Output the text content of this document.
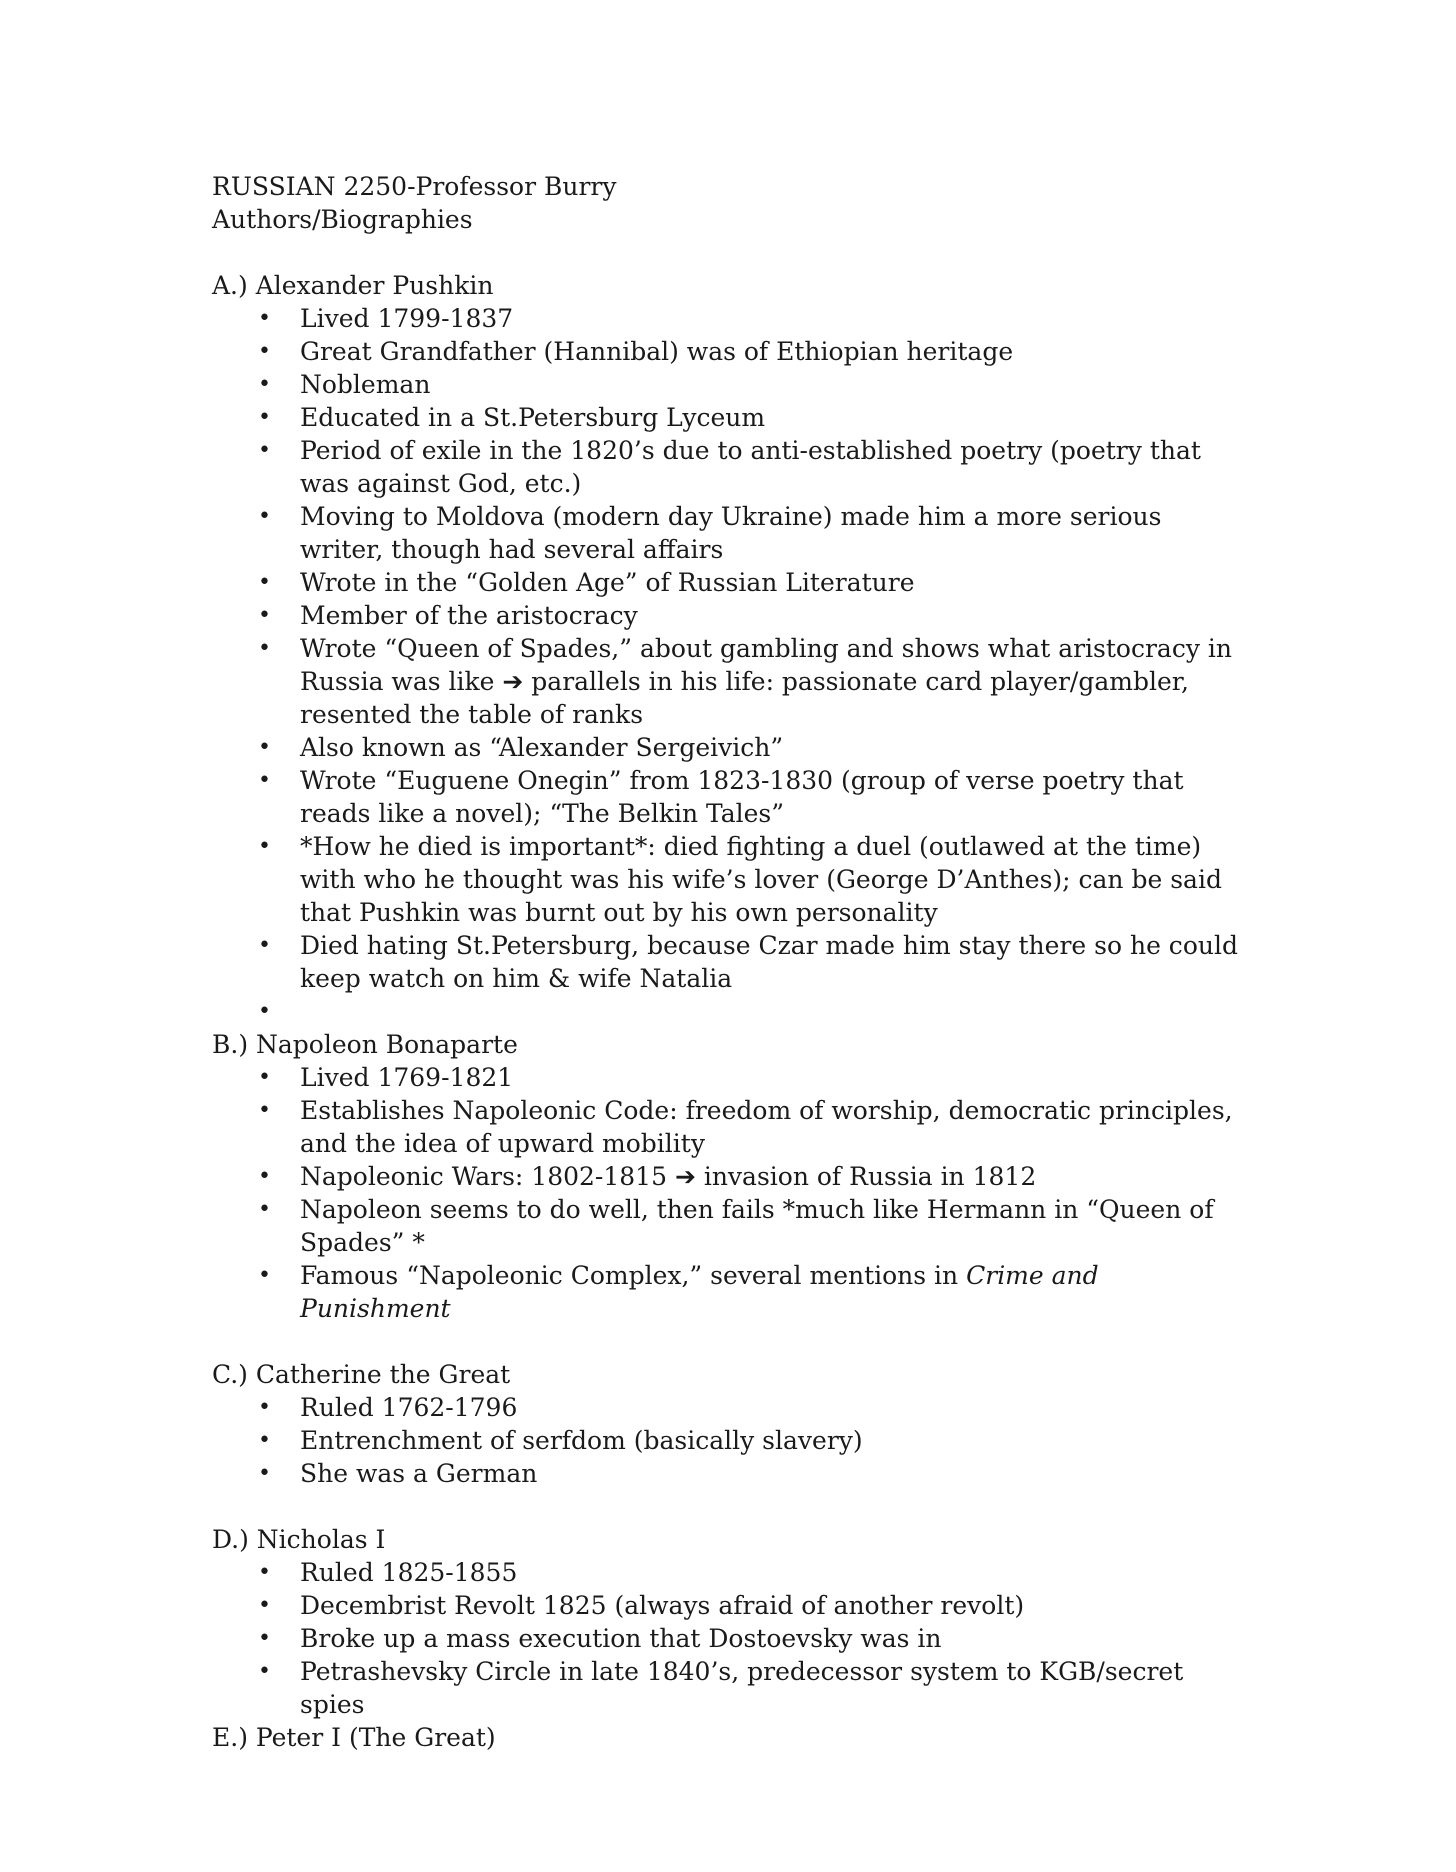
RUSSIAN 2250-Professor Burry
Authors/Biographies
A.) Alexander Pushkin
• Lived 1799-1837
• Great Grandfather (Hannibal) was of Ethiopian heritage
• Nobleman
• Educated in a St.Petersburg Lyceum
• Period of exile in the 1820’s due to anti-established poetry (poetry that was against God, etc.)
• Moving to Moldova (modern day Ukraine) made him a more serious writer, though had several affairs
• Wrote in the “Golden Age” of Russian Literature
• Member of the aristocracy
• Wrote “Queen of Spades,” about gambling and shows what aristocracy in Russia was like ➔ parallels in his life: passionate card player/gambler, resented the table of ranks
• Also known as “Alexander Sergeivich”
• Wrote “Euguene Onegin” from 1823-1830 (group of verse poetry that reads like a novel); “The Belkin Tales”
• *How he died is important*: died fighting a duel (outlawed at the time) with who he thought was his wife’s lover (George D’Anthes); can be said that Pushkin was burnt out by his own personality
• Died hating St.Petersburg, because Czar made him stay there so he could keep watch on him & wife Natalia
•
B.) Napoleon Bonaparte
• Lived 1769-1821
• Establishes Napoleonic Code: freedom of worship, democratic principles, and the idea of upward mobility
• Napoleonic Wars: 1802-1815 ➔ invasion of Russia in 1812
• Napoleon seems to do well, then fails *much like Hermann in “Queen of Spades” *
• Famous “Napoleonic Complex,” several mentions in Crime and Punishment
C.) Catherine the Great
• Ruled 1762-1796
• Entrenchment of serfdom (basically slavery)
• She was a German
D.) Nicholas I
• Ruled 1825-1855
• Decembrist Revolt 1825 (always afraid of another revolt)
• Broke up a mass execution that Dostoevsky was in
• Petrashevsky Circle in late 1840’s, predecessor system to KGB/secret spies
E.) Peter I (The Great)
